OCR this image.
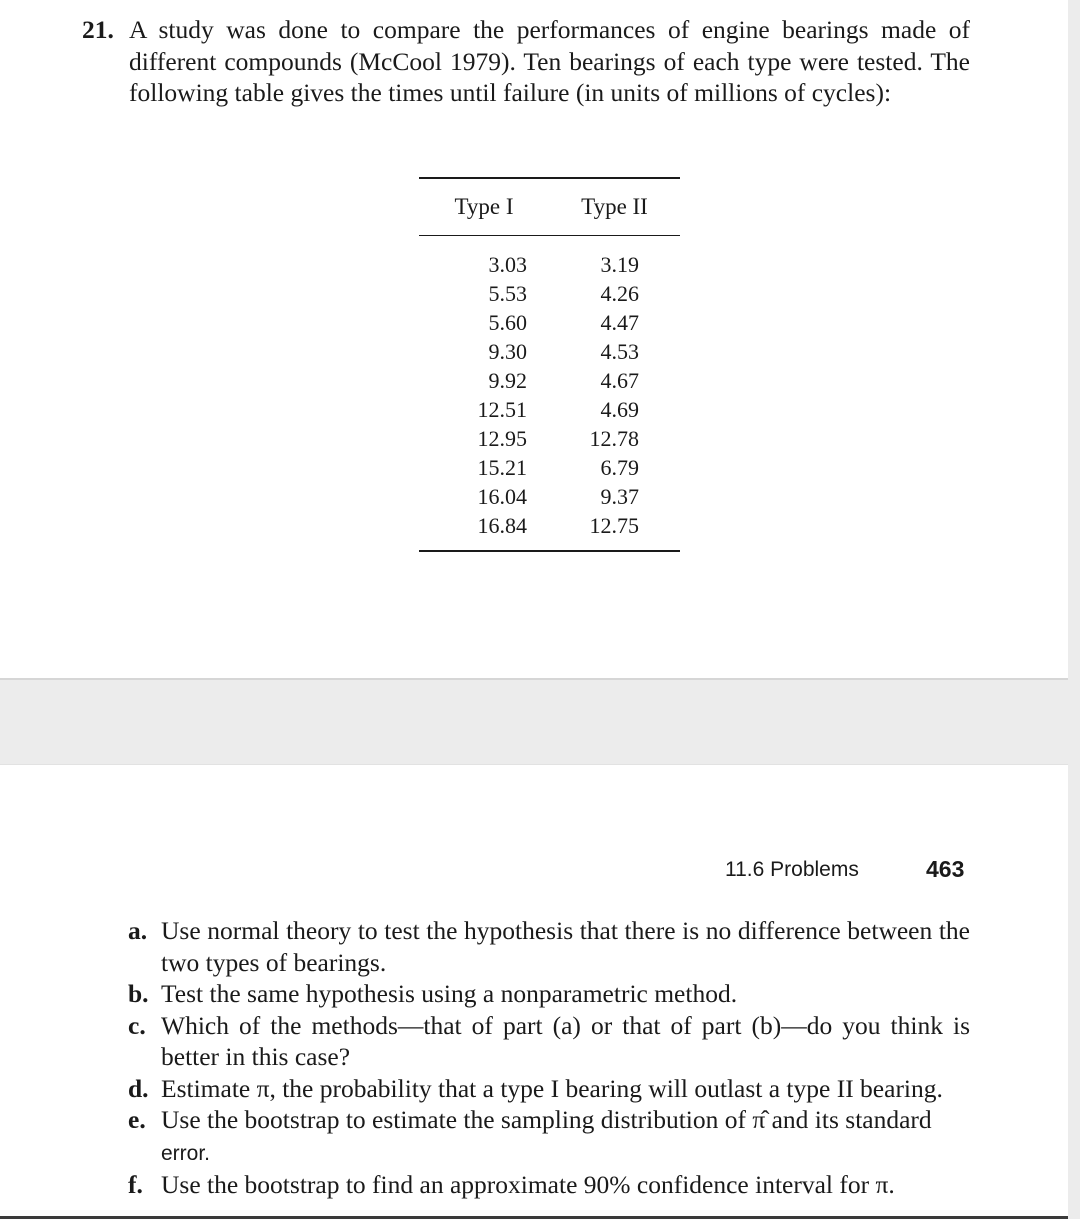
21. A study was done to compare the performances of engine bearings made of different compounds (McCool 1979). Ten bearings of each type were tested. The following table gives the times until failure (in units of millions of cycles):

Type I	Type II
3.03	3.19
5.53	4.26
5.60	4.47
9.30	4.53
9.92	4.67
12.51	4.69
12.95	12.78
15.21	6.79
16.04	9.37
16.84	12.75
11.6 Problems	463
a. Use normal theory to test the hypothesis that there is no difference between the two types of bearings.
b. Test the same hypothesis using a nonparametric method.
c. Which of the methods—that of part (a) or that of part (b)—do you think is better in this case?
d. Estimate π, the probability that a type I bearing will outlast a type II bearing.
e. Use the bootstrap to estimate the sampling distribution of π̂ and its standard
error.
f. Use the bootstrap to find an approximate 90% confidence interval for π.
